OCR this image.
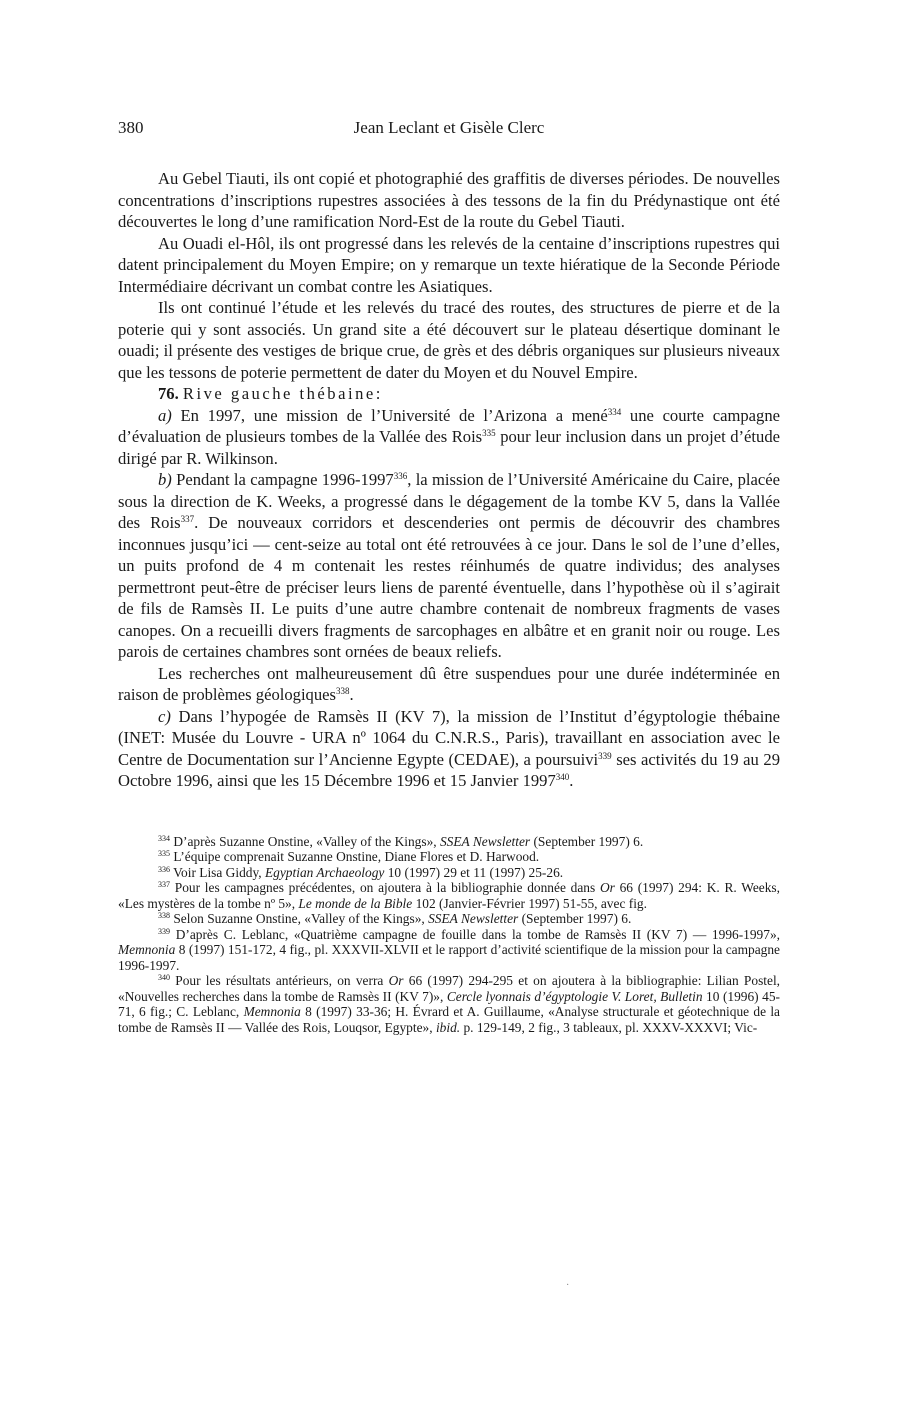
380	Jean Leclant et Gisèle Clerc

Au Gebel Tiauti, ils ont copié et photographié des graffitis de diverses périodes. De nouvelles concentrations d’inscriptions rupestres associées à des tessons de la fin du Prédynastique ont été découvertes le long d’une ramification Nord-Est de la route du Gebel Tiauti.

Au Ouadi el-Hôl, ils ont progressé dans les relevés de la centaine d’inscriptions rupestres qui datent principalement du Moyen Empire; on y remarque un texte hiératique de la Seconde Période Intermédiaire décrivant un combat contre les Asiatiques.

Ils ont continué l’étude et les relevés du tracé des routes, des structures de pierre et de la poterie qui y sont associés. Un grand site a été découvert sur le plateau désertique dominant le ouadi; il présente des vestiges de brique crue, de grès et des débris organiques sur plusieurs niveaux que les tessons de poterie permettent de dater du Moyen et du Nouvel Empire.

76. Rive gauche thébaine:

a) En 1997, une mission de l’Université de l’Arizona a mené$^{334}$ une courte campagne d’évaluation de plusieurs tombes de la Vallée des Rois$^{335}$ pour leur inclusion dans un projet d’étude dirigé par R. Wilkinson.

b) Pendant la campagne 1996-1997$^{336}$, la mission de l’Université Américaine du Caire, placée sous la direction de K. Weeks, a progressé dans le dégagement de la tombe KV 5, dans la Vallée des Rois$^{337}$. De nouveaux corridors et descenderies ont permis de découvrir des chambres inconnues jusqu’ici — cent-seize au total ont été retrouvées à ce jour. Dans le sol de l’une d’elles, un puits profond de 4 m contenait les restes réinhumés de quatre individus; des analyses permettront peut-être de préciser leurs liens de parenté éventuelle, dans l’hypothèse où il s’agirait de fils de Ramsès II. Le puits d’une autre chambre contenait de nombreux fragments de vases canopes. On a recueilli divers fragments de sarcophages en albâtre et en granit noir ou rouge. Les parois de certaines chambres sont ornées de beaux reliefs.

Les recherches ont malheureusement dû être suspendues pour une durée indéterminée en raison de problèmes géologiques$^{338}$.

c) Dans l’hypogée de Ramsès II (KV 7), la mission de l’Institut d’égyptologie thébaine (INET: Musée du Louvre - URA nº 1064 du C.N.R.S., Paris), travaillant en association avec le Centre de Documentation sur l’Ancienne Egypte (CEDAE), a poursuivi$^{339}$ ses activités du 19 au 29 Octobre 1996, ainsi que les 15 Décembre 1996 et 15 Janvier 1997$^{340}$.

$^{334}$ D’après Suzanne Onstine, «Valley of the Kings», SSEA Newsletter (September 1997) 6.

$^{335}$ L’équipe comprenait Suzanne Onstine, Diane Flores et D. Harwood.

$^{336}$ Voir Lisa Giddy, Egyptian Archaeology 10 (1997) 29 et 11 (1997) 25-26.

$^{337}$ Pour les campagnes précédentes, on ajoutera à la bibliographie donnée dans Or 66 (1997) 294: K. R. Weeks, «Les mystères de la tombe nº 5», Le monde de la Bible 102 (Janvier-Février 1997) 51-55, avec fig.

$^{338}$ Selon Suzanne Onstine, «Valley of the Kings», SSEA Newsletter (September 1997) 6.

$^{339}$ D’après C. Leblanc, «Quatrième campagne de fouille dans la tombe de Ramsès II (KV 7) — 1996-1997», Memnonia 8 (1997) 151-172, 4 fig., pl. XXXVII-XLVII et le rapport d’activité scientifique de la mission pour la campagne 1996-1997.

$^{340}$ Pour les résultats antérieurs, on verra Or 66 (1997) 294-295 et on ajoutera à la bibliographie: Lilian Postel, «Nouvelles recherches dans la tombe de Ramsès II (KV 7)», Cercle lyonnais d’égyptologie V. Loret, Bulletin 10 (1996) 45-71, 6 fig.; C. Leblanc, Memnonia 8 (1997) 33-36; H. Évrard et A. Guillaume, «Analyse structurale et géotechnique de la tombe de Ramsès II — Vallée des Rois, Louqsor, Egypte», ibid. p. 129-149, 2 fig., 3 tableaux, pl. XXXV-XXXVI; Vic-

·
